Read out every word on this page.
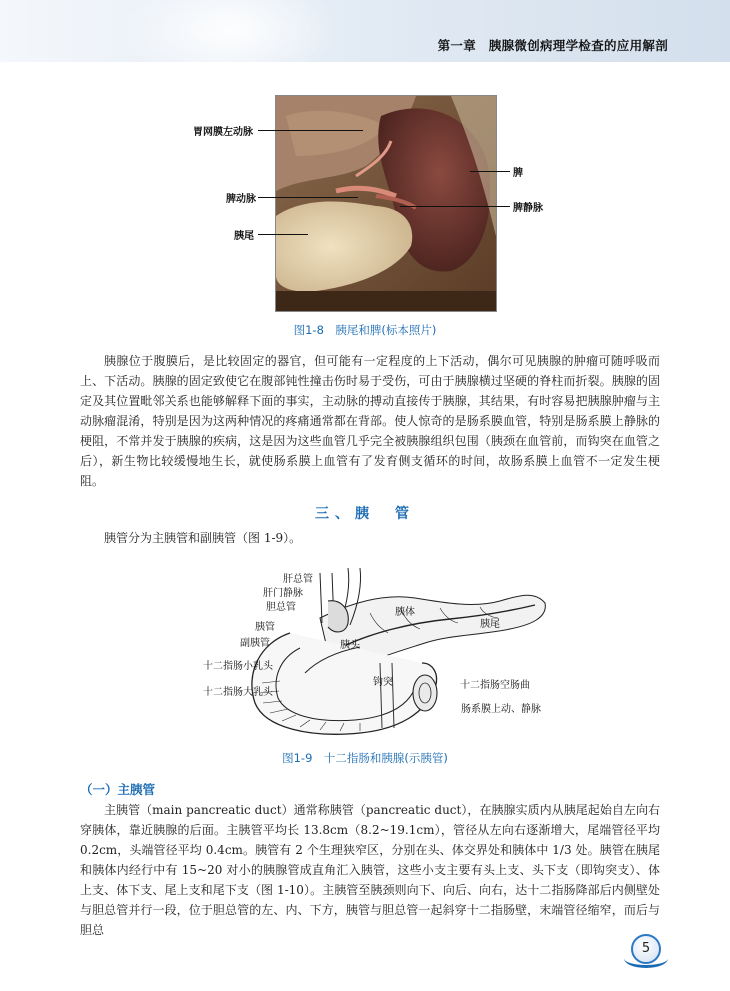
第一章　胰腺微创病理学检查的应用解剖
胃网膜左动脉
脾动脉
胰尾
脾
脾静脉
图1-8　胰尾和脾(标本照片)

胰腺位于腹膜后，是比较固定的器官，但可能有一定程度的上下活动，偶尔可见胰腺的肿瘤可随呼吸而上、下活动。胰腺的固定致使它在腹部钝性撞击伤时易于受伤，可由于胰腺横过坚硬的脊柱而折裂。胰腺的固定及其位置毗邻关系也能够解释下面的事实，主动脉的搏动直接传于胰腺，其结果，有时容易把胰腺肿瘤与主动脉瘤混淆，特别是因为这两种情况的疼痛通常都在背部。使人惊奇的是肠系膜血管，特别是肠系膜上静脉的梗阻，不常并发于胰腺的疾病，这是因为这些血管几乎完全被胰腺组织包围（胰颈在血管前，而钩突在血管之后），新生物比较缓慢地生长，就使肠系膜上血管有了发育侧支循环的时间，故肠系膜上血管不一定发生梗阻。

三、胰　管

胰管分为主胰管和副胰管（图 1-9）。

肝总管
肝门静脉
胆总管
胰管
副胰管
十二指肠小乳头
十二指肠大乳头
十二指肠空肠曲
肠系膜上动、静脉
胰体
胰尾
胰头
钩突
图1-9　十二指肠和胰腺(示胰管)
（一）主胰管

主胰管（main pancreatic duct）通常称胰管（pancreatic duct），在胰腺实质内从胰尾起始自左向右穿胰体，靠近胰腺的后面。主胰管平均长 13.8cm（8.2~19.1cm），管径从左向右逐渐增大，尾端管径平均 0.2cm，头端管径平均 0.4cm。胰管有 2 个生理狭窄区，分别在头、体交界处和胰体中 1/3 处。胰管在胰尾和胰体内经行中有 15~20 对小的胰腺管成直角汇入胰管，这些小支主要有头上支、头下支（即钩突支）、体上支、体下支、尾上支和尾下支（图 1-10）。主胰管至胰颈则向下、向后、向右，达十二指肠降部后内侧壁处与胆总管并行一段，位于胆总管的左、内、下方，胰管与胆总管一起斜穿十二指肠壁，末端管径缩窄，而后与胆总

5
